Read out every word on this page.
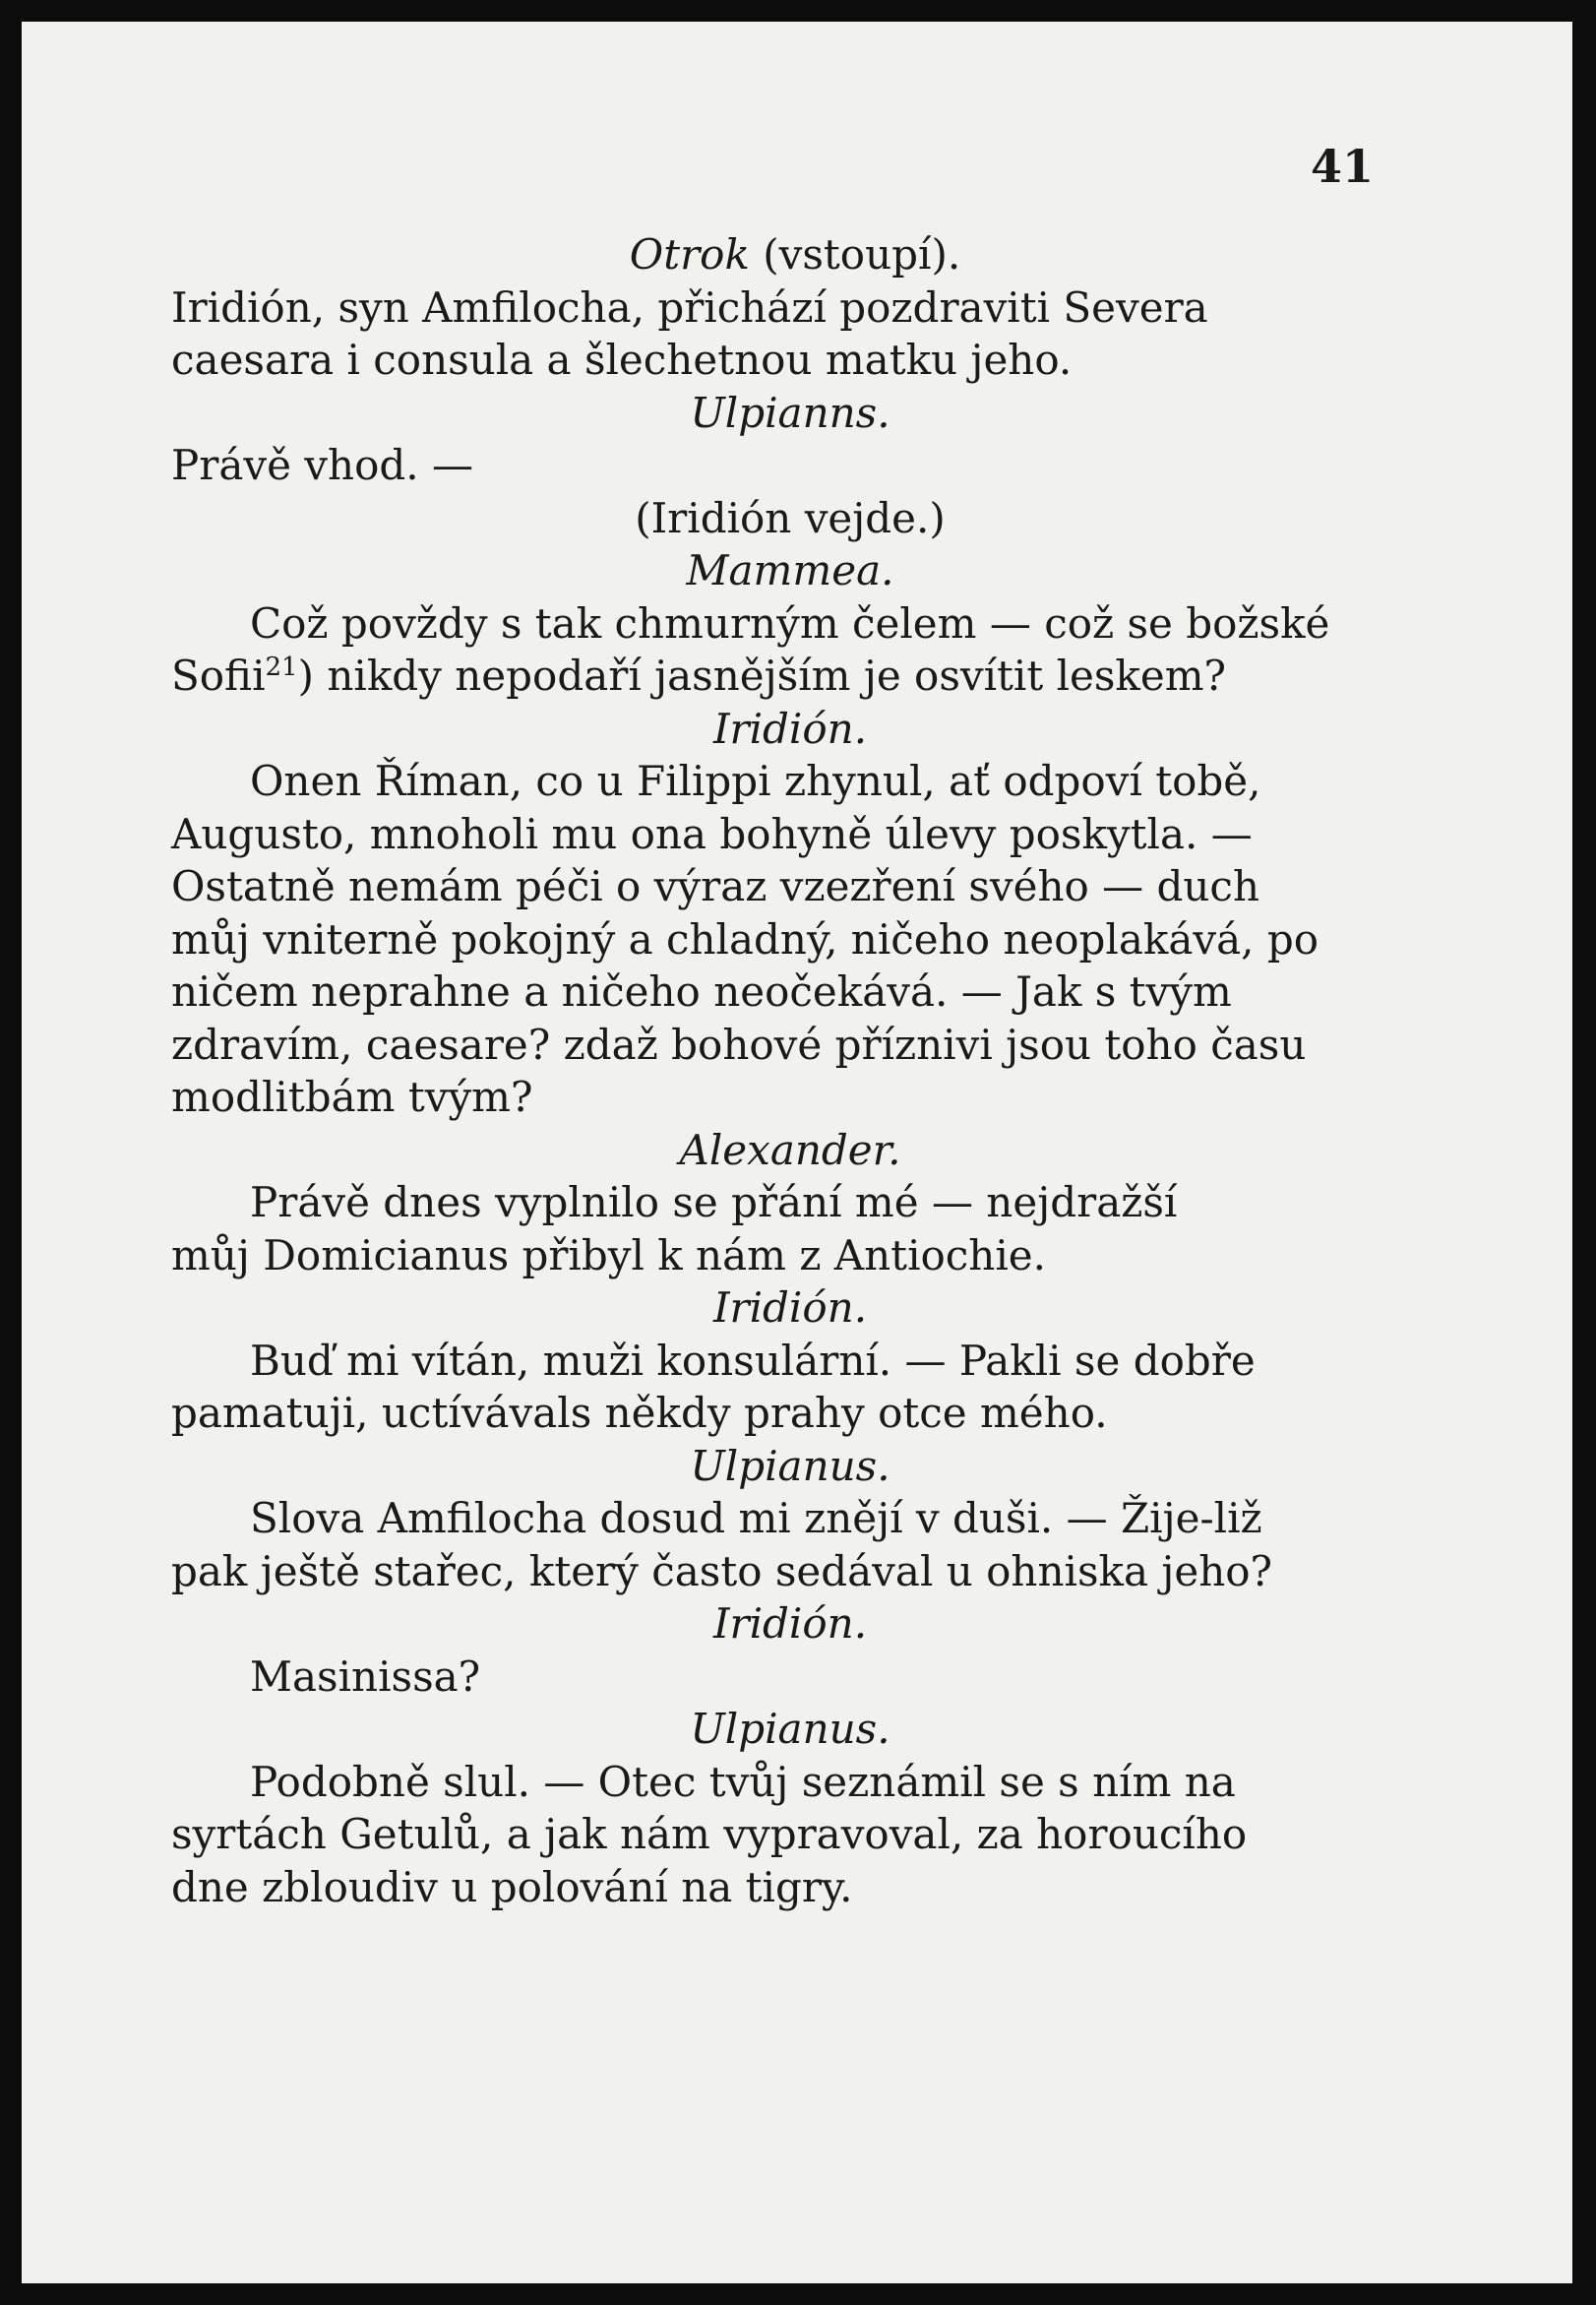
41
Otrok (vstoupí).
Iridión, syn Amfilocha, přichází pozdraviti Severa
caesara i consula a šlechetnou matku jeho.
Ulpianns.
Právě vhod. —
(Iridión vejde.)
Mammea.
Což povždy s tak chmurným čelem — což se božské
Sofii$^{21}$) nikdy nepodaří jasnějším je osvítit leskem?
Iridión.
Onen Říman, co u Filippi zhynul, ať odpoví tobě,
Augusto, mnoholi mu ona bohyně úlevy poskytla. —
Ostatně nemám péči o výraz vzezření svého — duch
můj vniterně pokojný a chladný, ničeho neoplakává, po
ničem neprahne a ničeho neočekává. — Jak s tvým
zdravím, caesare? zdaž bohové příznivi jsou toho času
modlitbám tvým?
Alexander.
Právě dnes vyplnilo se přání mé — nejdražší
můj Domicianus přibyl k nám z Antiochie.
Iridión.
Buď mi vítán, muži konsulární. — Pakli se dobře
pamatuji, uctívávals někdy prahy otce mého.
Ulpianus.
Slova Amfilocha dosud mi znějí v duši. — Žije-liž
pak ještě stařec, který často sedával u ohniska jeho?
Iridión.
Masinissa?
Ulpianus.
Podobně slul. — Otec tvůj seznámil se s ním na
syrtách Getulů, a jak nám vypravoval, za horoucího
dne zbloudiv u polování na tigry.
